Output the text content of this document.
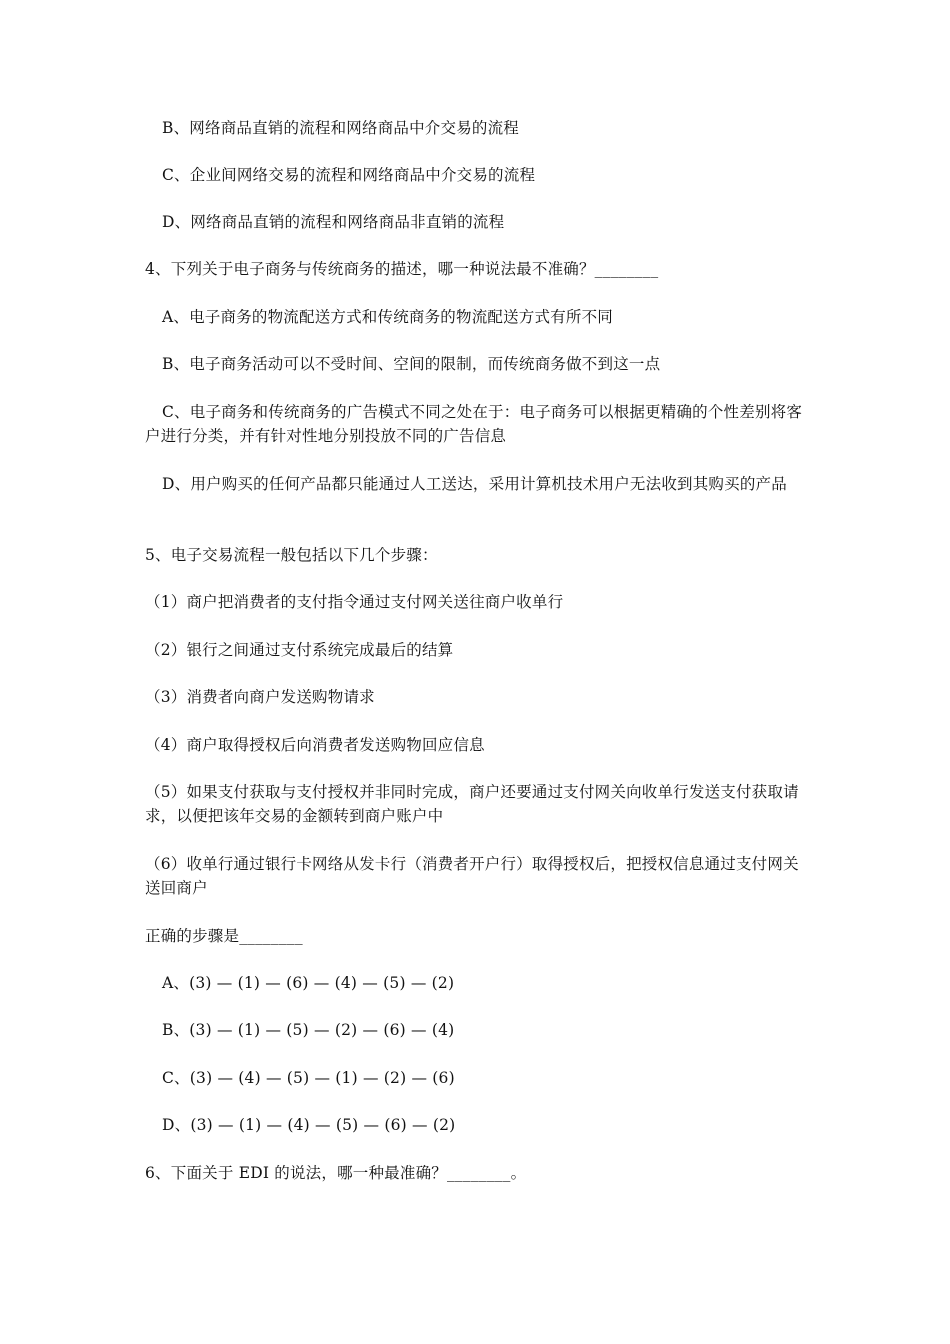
B、网络商品直销的流程和网络商品中介交易的流程
C、企业间网络交易的流程和网络商品中介交易的流程
D、网络商品直销的流程和网络商品非直销的流程
4、下列关于电子商务与传统商务的描述，哪一种说法最不准确？________
A、电子商务的物流配送方式和传统商务的物流配送方式有所不同
B、电子商务活动可以不受时间、空间的限制，而传统商务做不到这一点
C、电子商务和传统商务的广告模式不同之处在于：电子商务可以根据更精确的个性差别将客户进行分类，并有针对性地分别投放不同的广告信息
D、用户购买的任何产品都只能通过人工送达，采用计算机技术用户无法收到其购买的产品
5、电子交易流程一般包括以下几个步骤：
（1）商户把消费者的支付指令通过支付网关送往商户收单行
（2）银行之间通过支付系统完成最后的结算
（3）消费者向商户发送购物请求
（4）商户取得授权后向消费者发送购物回应信息
（5）如果支付获取与支付授权并非同时完成，商户还要通过支付网关向收单行发送支付获取请求，以便把该年交易的金额转到商户账户中
（6）收单行通过银行卡网络从发卡行（消费者开户行）取得授权后，把授权信息通过支付网关送回商户
正确的步骤是________
A、(3) — (1) — (6) — (4) — (5) — (2)
B、(3) — (1) — (5) — (2) — (6) — (4)
C、(3) — (4) — (5) — (1) — (2) — (6)
D、(3) — (1) — (4) — (5) — (6) — (2)
6、下面关于 EDI 的说法，哪一种最准确？________。
